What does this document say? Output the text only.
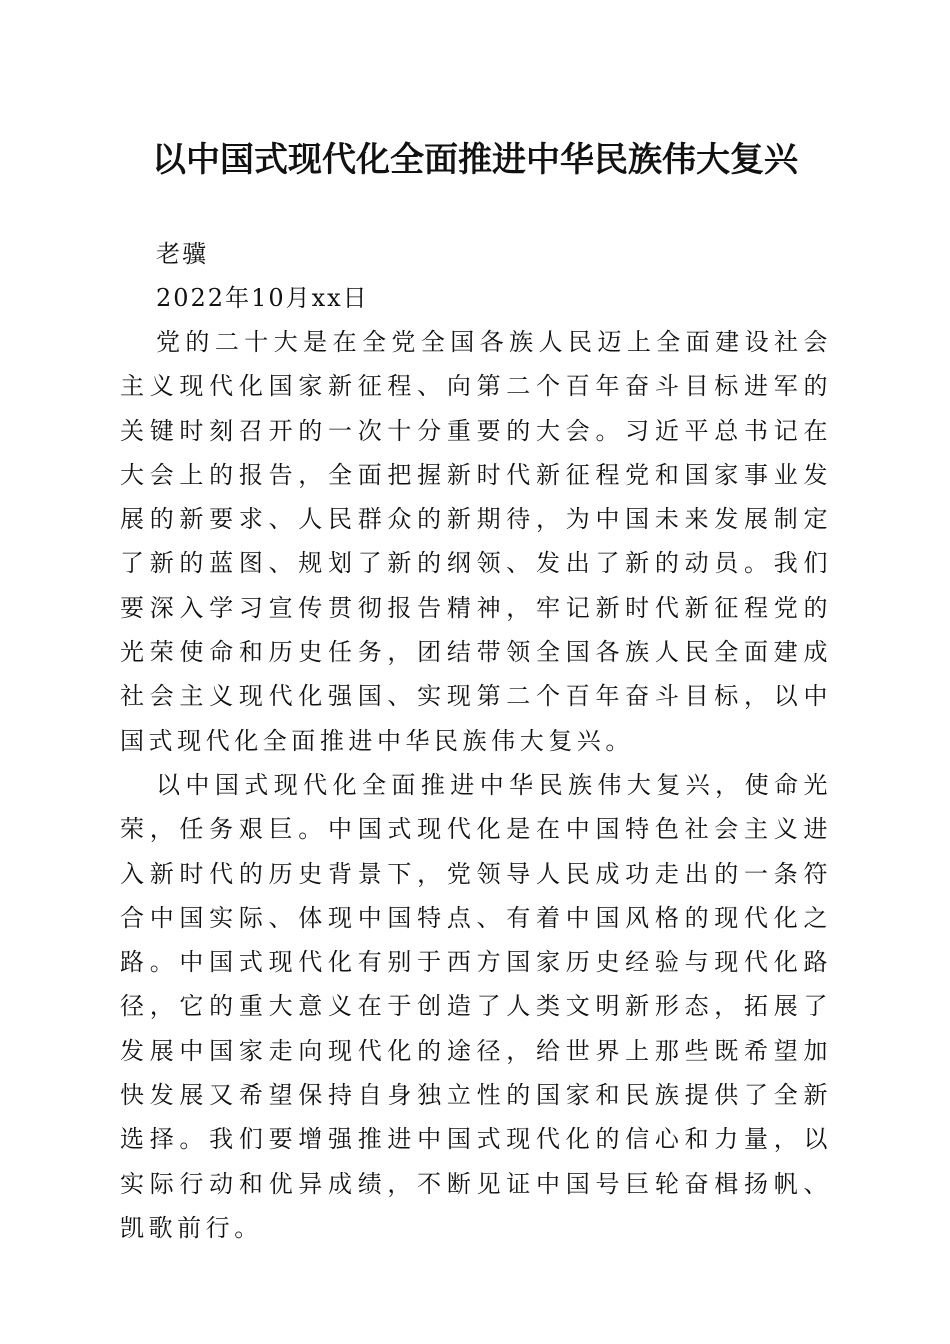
以中国式现代化全面推进中华民族伟大复兴

老骥

2022年10月xx日

党的二十大是在全党全国各族人民迈上全面建设社会主义现代化国家新征程、向第二个百年奋斗目标进军的关键时刻召开的一次十分重要的大会。习近平总书记在大会上的报告，全面把握新时代新征程党和国家事业发展的新要求、人民群众的新期待，为中国未来发展制定了新的蓝图、规划了新的纲领、发出了新的动员。我们要深入学习宣传贯彻报告精神，牢记新时代新征程党的光荣使命和历史任务，团结带领全国各族人民全面建成社会主义现代化强国、实现第二个百年奋斗目标，以中国式现代化全面推进中华民族伟大复兴。

以中国式现代化全面推进中华民族伟大复兴，使命光荣，任务艰巨。中国式现代化是在中国特色社会主义进入新时代的历史背景下，党领导人民成功走出的一条符合中国实际、体现中国特点、有着中国风格的现代化之路。中国式现代化有别于西方国家历史经验与现代化路径，它的重大意义在于创造了人类文明新形态，拓展了发展中国家走向现代化的途径，给世界上那些既希望加快发展又希望保持自身独立性的国家和民族提供了全新选择。我们要增强推进中国式现代化的信心和力量，以实际行动和优异成绩，不断见证中国号巨轮奋楫扬帆、凯歌前行。
